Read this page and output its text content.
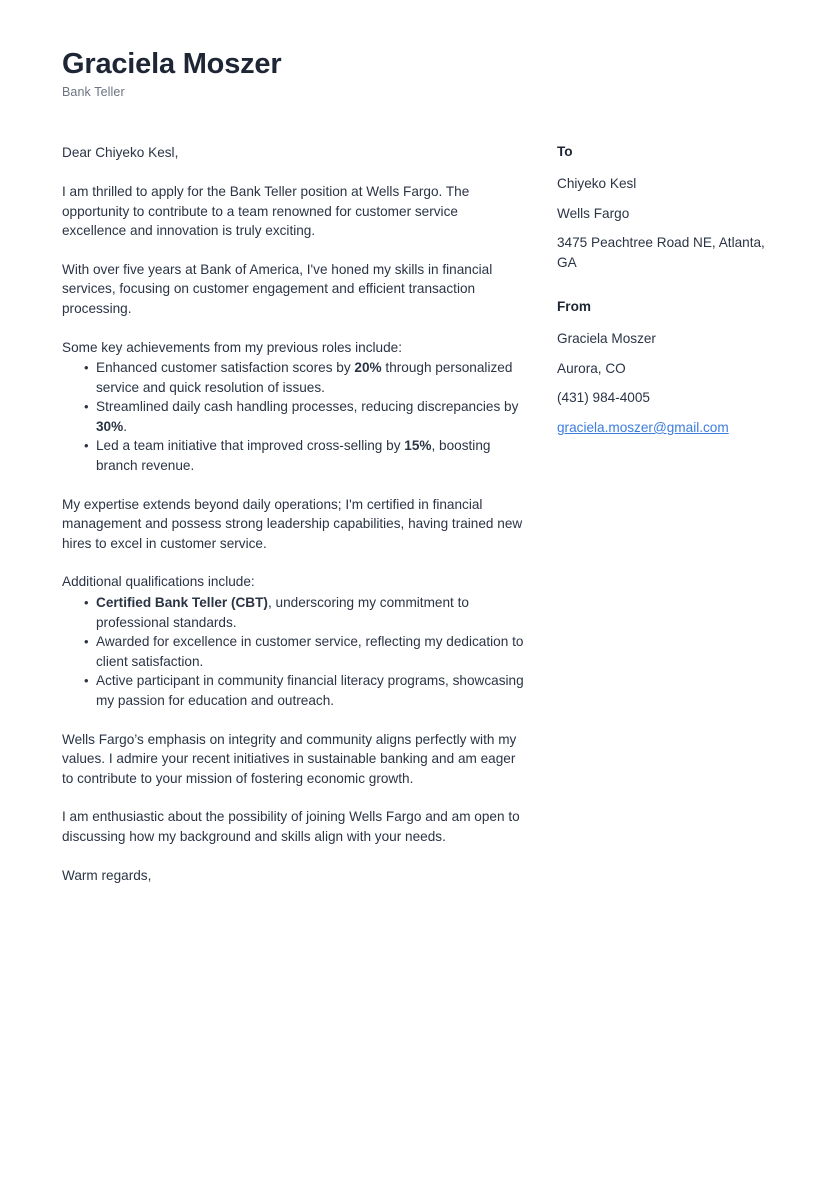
Graciela Moszer

Bank Teller

Dear Chiyeko Kesl,

I am thrilled to apply for the Bank Teller position at Wells Fargo. The opportunity to contribute to a team renowned for customer service excellence and innovation is truly exciting.

With over five years at Bank of America, I've honed my skills in financial services, focusing on customer engagement and efficient transaction processing.

Some key achievements from my previous roles include:

• Enhanced customer satisfaction scores by 20% through personalized service and quick resolution of issues.
• Streamlined daily cash handling processes, reducing discrepancies by 30%.
• Led a team initiative that improved cross-selling by 15%, boosting branch revenue.

My expertise extends beyond daily operations; I'm certified in financial management and possess strong leadership capabilities, having trained new hires to excel in customer service.

Additional qualifications include:

• Certified Bank Teller (CBT), underscoring my commitment to professional standards.
• Awarded for excellence in customer service, reflecting my dedication to client satisfaction.
• Active participant in community financial literacy programs, showcasing my passion for education and outreach.

Wells Fargo’s emphasis on integrity and community aligns perfectly with my values. I admire your recent initiatives in sustainable banking and am eager to contribute to your mission of fostering economic growth.

I am enthusiastic about the possibility of joining Wells Fargo and am open to discussing how my background and skills align with your needs.

Warm regards,

To

Chiyeko Kesl

Wells Fargo

3475 Peachtree Road NE, Atlanta, GA

From

Graciela Moszer

Aurora, CO

(431) 984-4005

graciela.moszer@gmail.com
